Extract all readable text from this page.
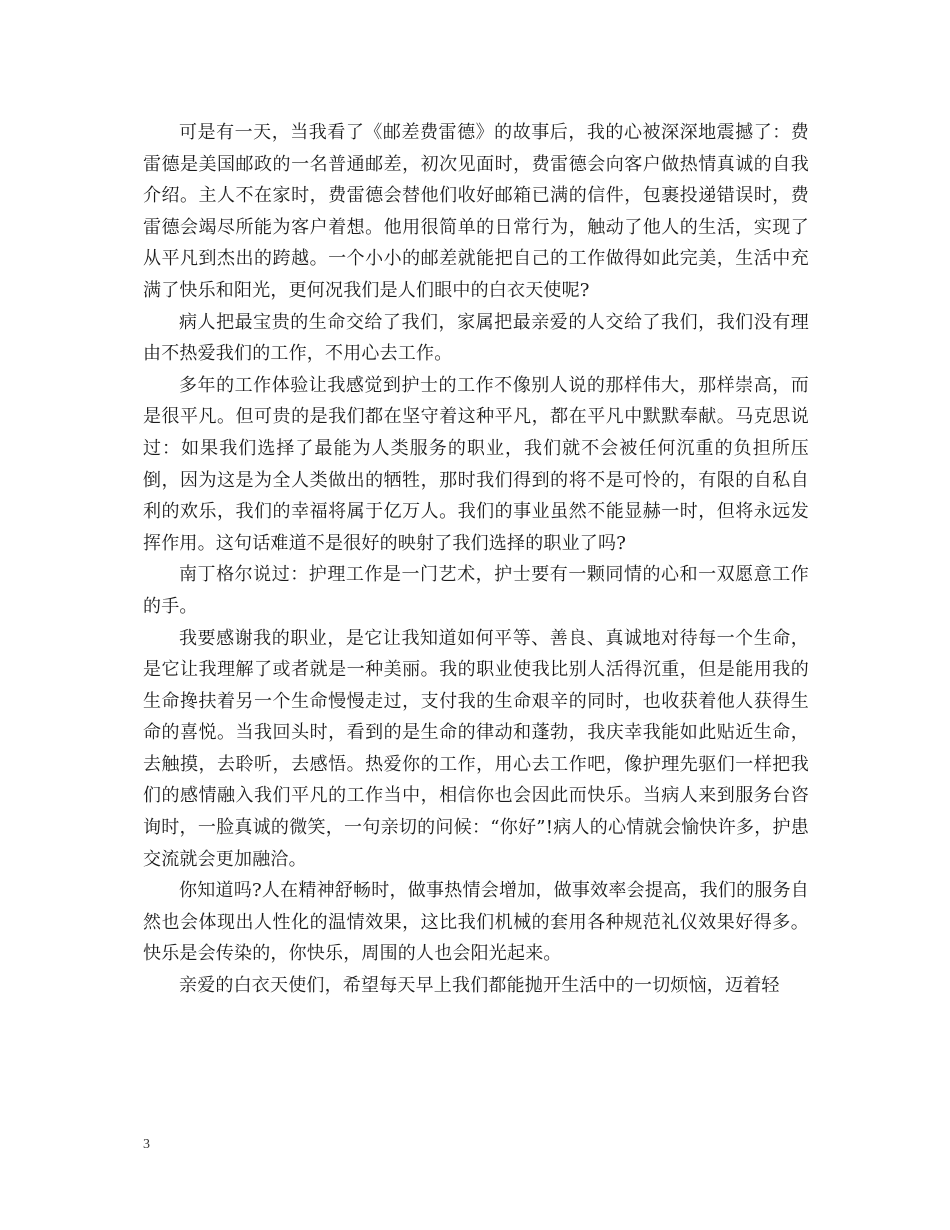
可是有一天，当我看了《邮差费雷德》的故事后，我的心被深深地震撼了：费雷德是美国邮政的一名普通邮差，初次见面时，费雷德会向客户做热情真诚的自我介绍。主人不在家时，费雷德会替他们收好邮箱已满的信件，包裹投递错误时，费雷德会竭尽所能为客户着想。他用很简单的日常行为，触动了他人的生活，实现了从平凡到杰出的跨越。一个小小的邮差就能把自己的工作做得如此完美，生活中充满了快乐和阳光，更何况我们是人们眼中的白衣天使呢?

病人把最宝贵的生命交给了我们，家属把最亲爱的人交给了我们，我们没有理由不热爱我们的工作，不用心去工作。

多年的工作体验让我感觉到护士的工作不像别人说的那样伟大，那样崇高，而是很平凡。但可贵的是我们都在坚守着这种平凡，都在平凡中默默奉献。马克思说过：如果我们选择了最能为人类服务的职业，我们就不会被任何沉重的负担所压倒，因为这是为全人类做出的牺牲，那时我们得到的将不是可怜的，有限的自私自利的欢乐，我们的幸福将属于亿万人。我们的事业虽然不能显赫一时，但将永远发挥作用。这句话难道不是很好的映射了我们选择的职业了吗?

南丁格尔说过：护理工作是一门艺术，护士要有一颗同情的心和一双愿意工作的手。

我要感谢我的职业，是它让我知道如何平等、善良、真诚地对待每一个生命，是它让我理解了或者就是一种美丽。我的职业使我比别人活得沉重，但是能用我的生命搀扶着另一个生命慢慢走过，支付我的生命艰辛的同时，也收获着他人获得生命的喜悦。当我回头时，看到的是生命的律动和蓬勃，我庆幸我能如此贴近生命，去触摸，去聆听，去感悟。热爱你的工作，用心去工作吧，像护理先驱们一样把我们的感情融入我们平凡的工作当中，相信你也会因此而快乐。当病人来到服务台咨询时，一脸真诚的微笑，一句亲切的问候：“你好”!病人的心情就会愉快许多，护患交流就会更加融洽。

你知道吗?人在精神舒畅时，做事热情会增加，做事效率会提高，我们的服务自然也会体现出人性化的温情效果，这比我们机械的套用各种规范礼仪效果好得多。快乐是会传染的，你快乐，周围的人也会阳光起来。

亲爱的白衣天使们，希望每天早上我们都能抛开生活中的一切烦恼，迈着轻

3
